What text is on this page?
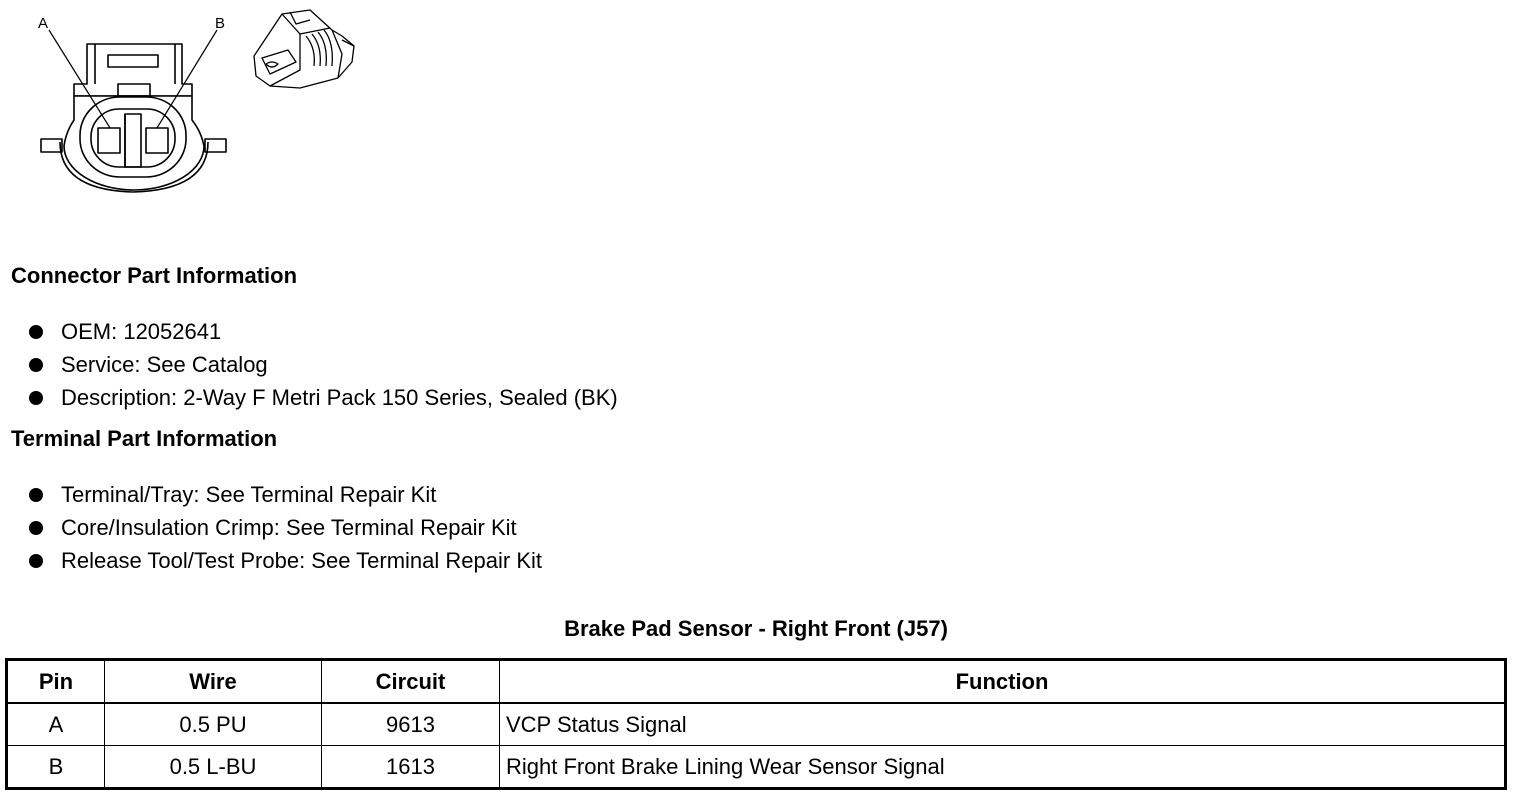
A	B
Connector Part Information
OEM: 12052641
Service: See Catalog
Description: 2-Way F Metri Pack 150 Series, Sealed (BK)
Terminal Part Information
Terminal/Tray: See Terminal Repair Kit
Core/Insulation Crimp: See Terminal Repair Kit
Release Tool/Test Probe: See Terminal Repair Kit
Brake Pad Sensor - Right Front (J57)
Pin	Wire	Circuit	Function
A	0.5 PU	9613	VCP Status Signal
B	0.5 L-BU	1613	Right Front Brake Lining Wear Sensor Signal
